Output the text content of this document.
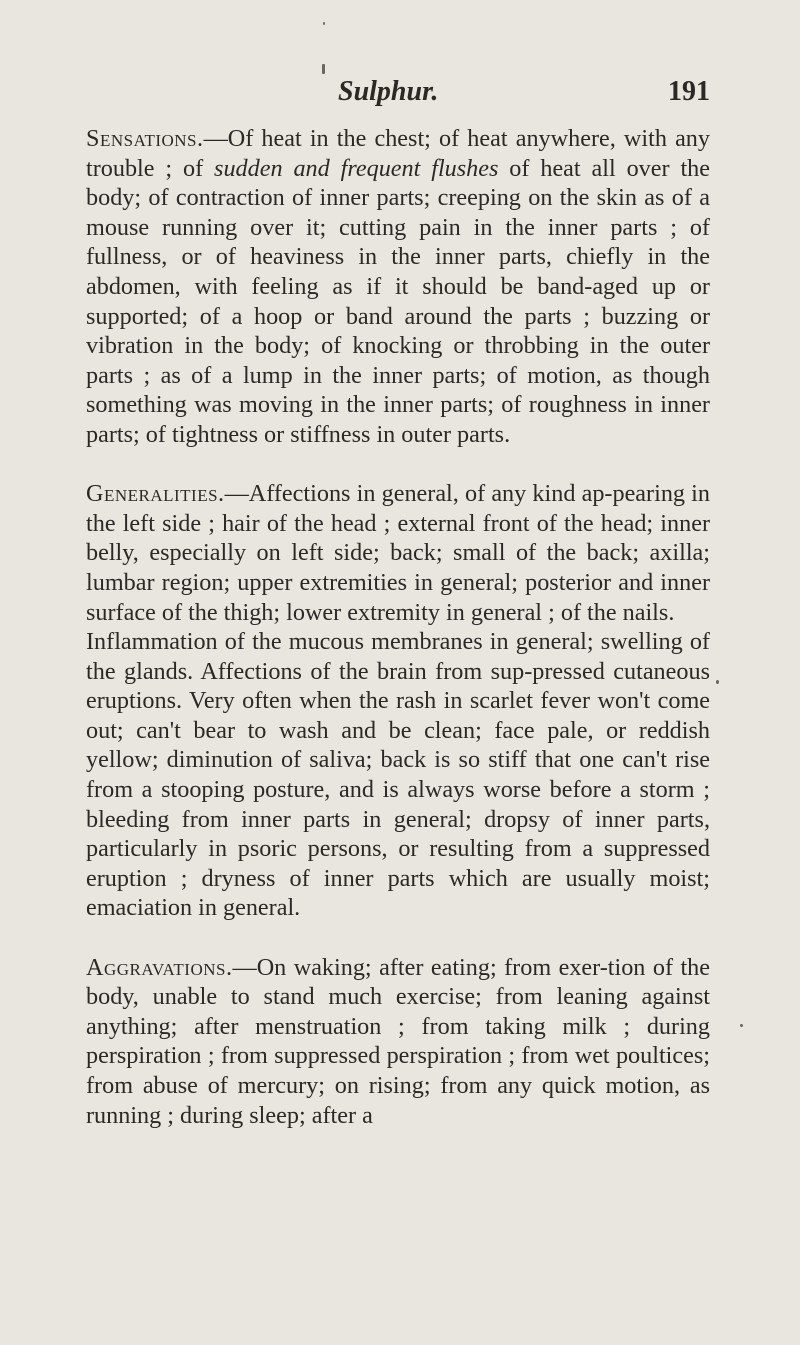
Sulphur.	191

Sensations.—Of heat in the chest; of heat anywhere, with any trouble ; of sudden and frequent flushes of heat all over the body; of contraction of inner parts; creeping on the skin as of a mouse running over it; cutting pain in the inner parts ; of fullness, or of heaviness in the inner parts, chiefly in the abdomen, with feeling as if it should be band-aged up or supported; of a hoop or band around the parts ; buzzing or vibration in the body; of knocking or throbbing in the outer parts ; as of a lump in the inner parts; of motion, as though something was moving in the inner parts; of roughness in inner parts; of tightness or stiffness in outer parts.

Generalities.—Affections in general, of any kind ap-pearing in the left side ; hair of the head ; external front of the head; inner belly, especially on left side; back; small of the back; axilla; lumbar region; upper extremities in general; posterior and inner surface of the thigh; lower extremity in general ; of the nails.

Inflammation of the mucous membranes in general; swelling of the glands. Affections of the brain from sup-pressed cutaneous eruptions. Very often when the rash in scarlet fever won't come out; can't bear to wash and be clean; face pale, or reddish yellow; diminution of saliva; back is so stiff that one can't rise from a stooping posture, and is always worse before a storm ; bleeding from inner parts in general; dropsy of inner parts, particularly in psoric persons, or resulting from a suppressed eruption ; dryness of inner parts which are usually moist; emaciation in general.

Aggravations.—On waking; after eating; from exer-tion of the body, unable to stand much exercise; from leaning against anything; after menstruation ; from taking milk ; during perspiration ; from suppressed perspiration ; from wet poultices; from abuse of mercury; on rising; from any quick motion, as running ; during sleep; after a
